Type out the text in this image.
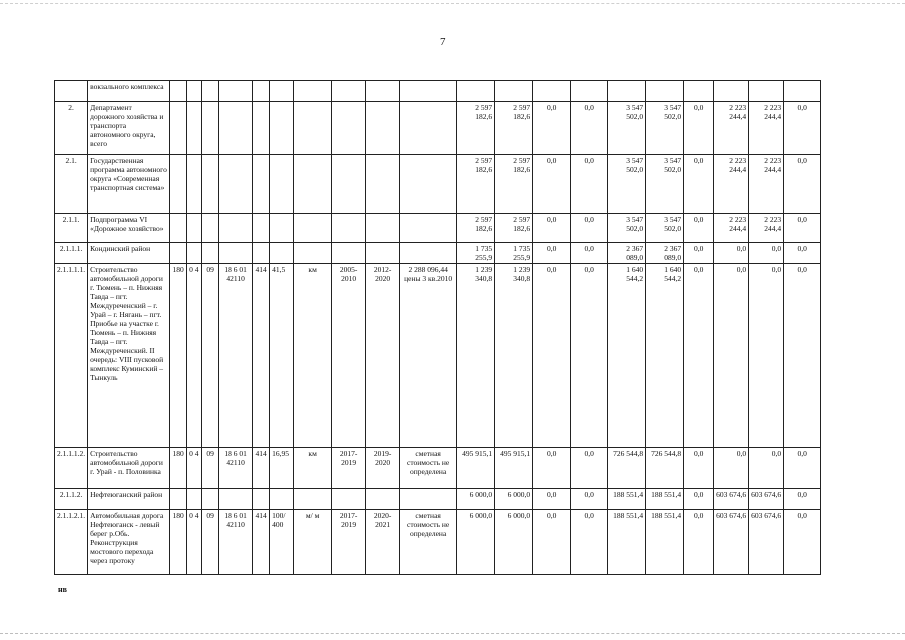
7
	вокзального комплекса																				
2.	Департамент дорожного хозяйства и транспорта автономного округа, всего											2 597 182,6	2 597 182,6	0,0	0,0	3 547 502,0	3 547 502,0	0,0	2 223 244,4	2 223 244,4	0,0
2.1.	Государственная программа автономного округа «Современная транспортная система»											2 597 182,6	2 597 182,6	0,0	0,0	3 547 502,0	3 547 502,0	0,0	2 223 244,4	2 223 244,4	0,0
2.1.1.	Подпрограмма VI «Дорожное хозяйство»											2 597 182,6	2 597 182,6	0,0	0,0	3 547 502,0	3 547 502,0	0,0	2 223 244,4	2 223 244,4	0,0
2.1.1.1.	Кондинский район											1 735 255,9	1 735 255,9	0,0	0,0	2 367 089,0	2 367 089,0	0,0	0,0	0,0	0,0
2.1.1.1.1.	Строительство автомобильной дороги г. Тюмень – п. Нижняя Тавда – пгт. Междуреченский – г. Урай – г. Нягань – пгт. Приобье на участке г. Тюмень – п. Нижняя Тавда – пгт. Междуреченский. II очередь: VIII пусковой комплекс Куминский – Тынкуль	180	0 4	09	18 6 01 42110	414	41,5	км	2005-2010	2012-2020	2 288 096,44 цены 3 кв.2010	1 239 340,8	1 239 340,8	0,0	0,0	1 640 544,2	1 640 544,2	0,0	0,0	0,0	0,0
2.1.1.1.2.	Строительство автомобильной дороги г. Урай - п. Половинка	180	0 4	09	18 6 01 42110	414	16,95	км	2017-2019	2019-2020	сметная стоимость не определена	495 915,1	495 915,1	0,0	0,0	726 544,8	726 544,8	0,0	0,0	0,0	0,0
2.1.1.2.	Нефтеюганский район											6 000,0	6 000,0	0,0	0,0	188 551,4	188 551,4	0,0	603 674,6	603 674,6	0,0
2.1.1.2.1.	Автомобильная дорога Нефтеюганск - левый берег р.Обь. Реконструкция мостового перехода через протоку	180	0 4	09	18 6 01 42110	414	100/ 400	м/ м	2017-2019	2020-2021	сметная стоимость не определена	6 000,0	6 000,0	0,0	0,0	188 551,4	188 551,4	0,0	603 674,6	603 674,6	0,0
нв
